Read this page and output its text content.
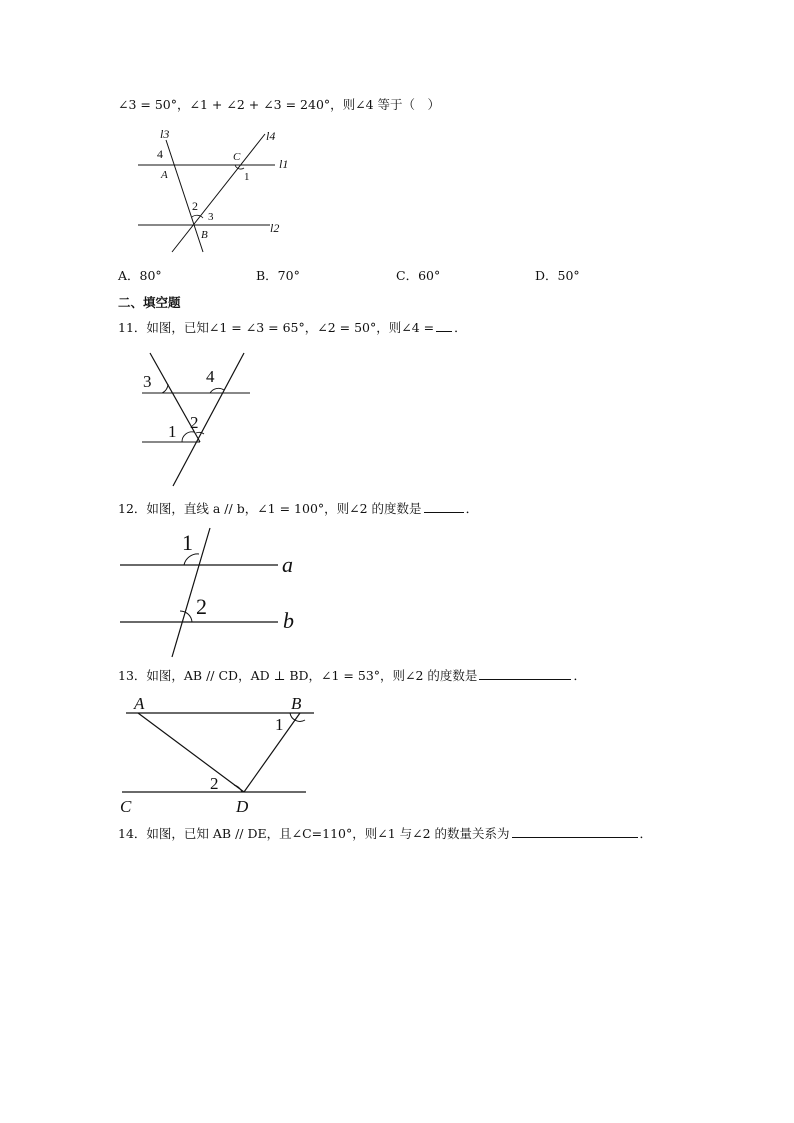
∠3 = 50°，∠1 + ∠2 + ∠3 = 240°，则∠4 等于（　）
l3	l4
l1
l2
4
A
C
1
2
3
B
A．80°	B．70°	C．60°	D．50°
二、填空题
11．如图，已知∠1 = ∠3 = 65°，∠2 = 50°，则∠4 = ．
3	4
1 2
12．如图，直线 a // b，∠1 = 100°，则∠2 的度数是	．
1
2
a
b
13．如图，AB // CD，AD ⊥ BD，∠1 = 53°，则∠2 的度数是	．
A	B
1
2
C	D
14．如图，已知 AB // DE，且∠C=110°，则∠1 与∠2 的数量关系为	．
